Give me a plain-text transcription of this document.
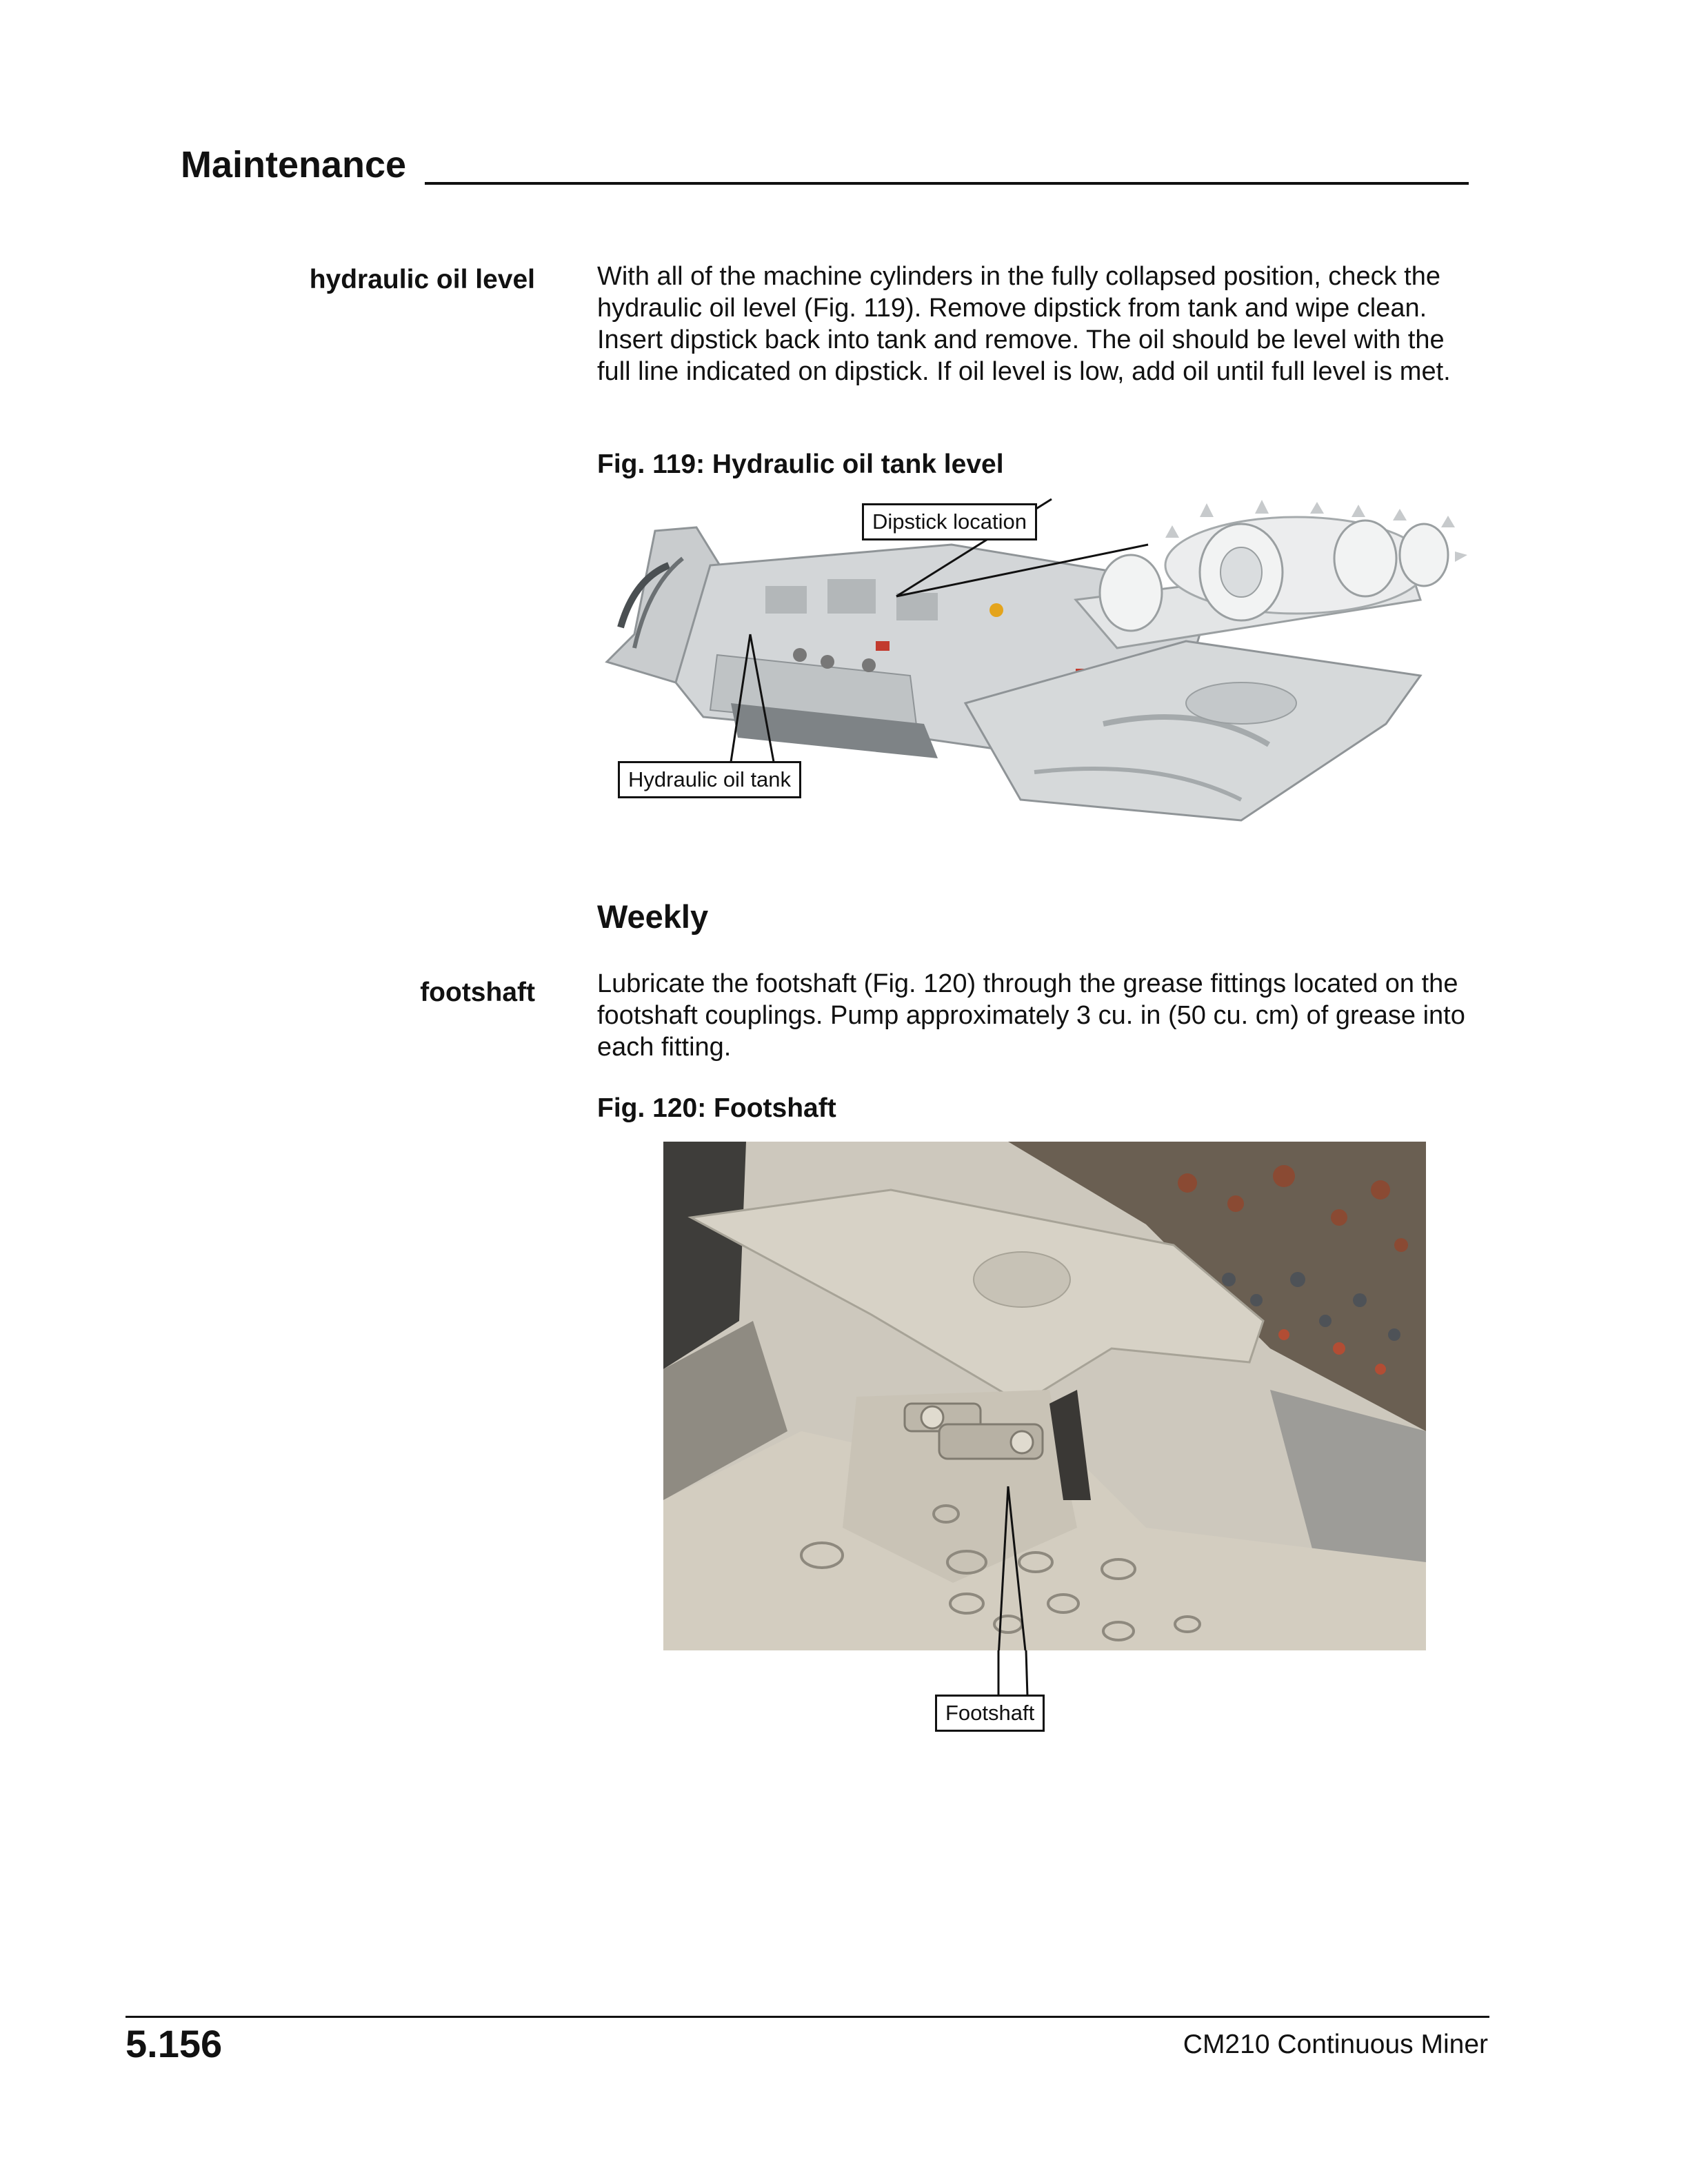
Maintenance
hydraulic oil level With all of the machine cylinders in the fully collapsed position, check the hydraulic oil level (Fig. 119). Remove dipstick from tank and wipe clean. Insert dipstick back into tank and remove. The oil should be level with the full line indicated on dipstick. If oil level is low, add oil until full level is met.
Fig. 119: Hydraulic oil tank level
Dipstick location
Hydraulic oil tank
Weekly
footshaft Lubricate the footshaft (Fig. 120) through the grease fittings located on the footshaft couplings. Pump approximately 3 cu. in (50 cu. cm) of grease into each fitting.
Fig. 120: Footshaft
Footshaft
5.156	CM210 Continuous Miner
